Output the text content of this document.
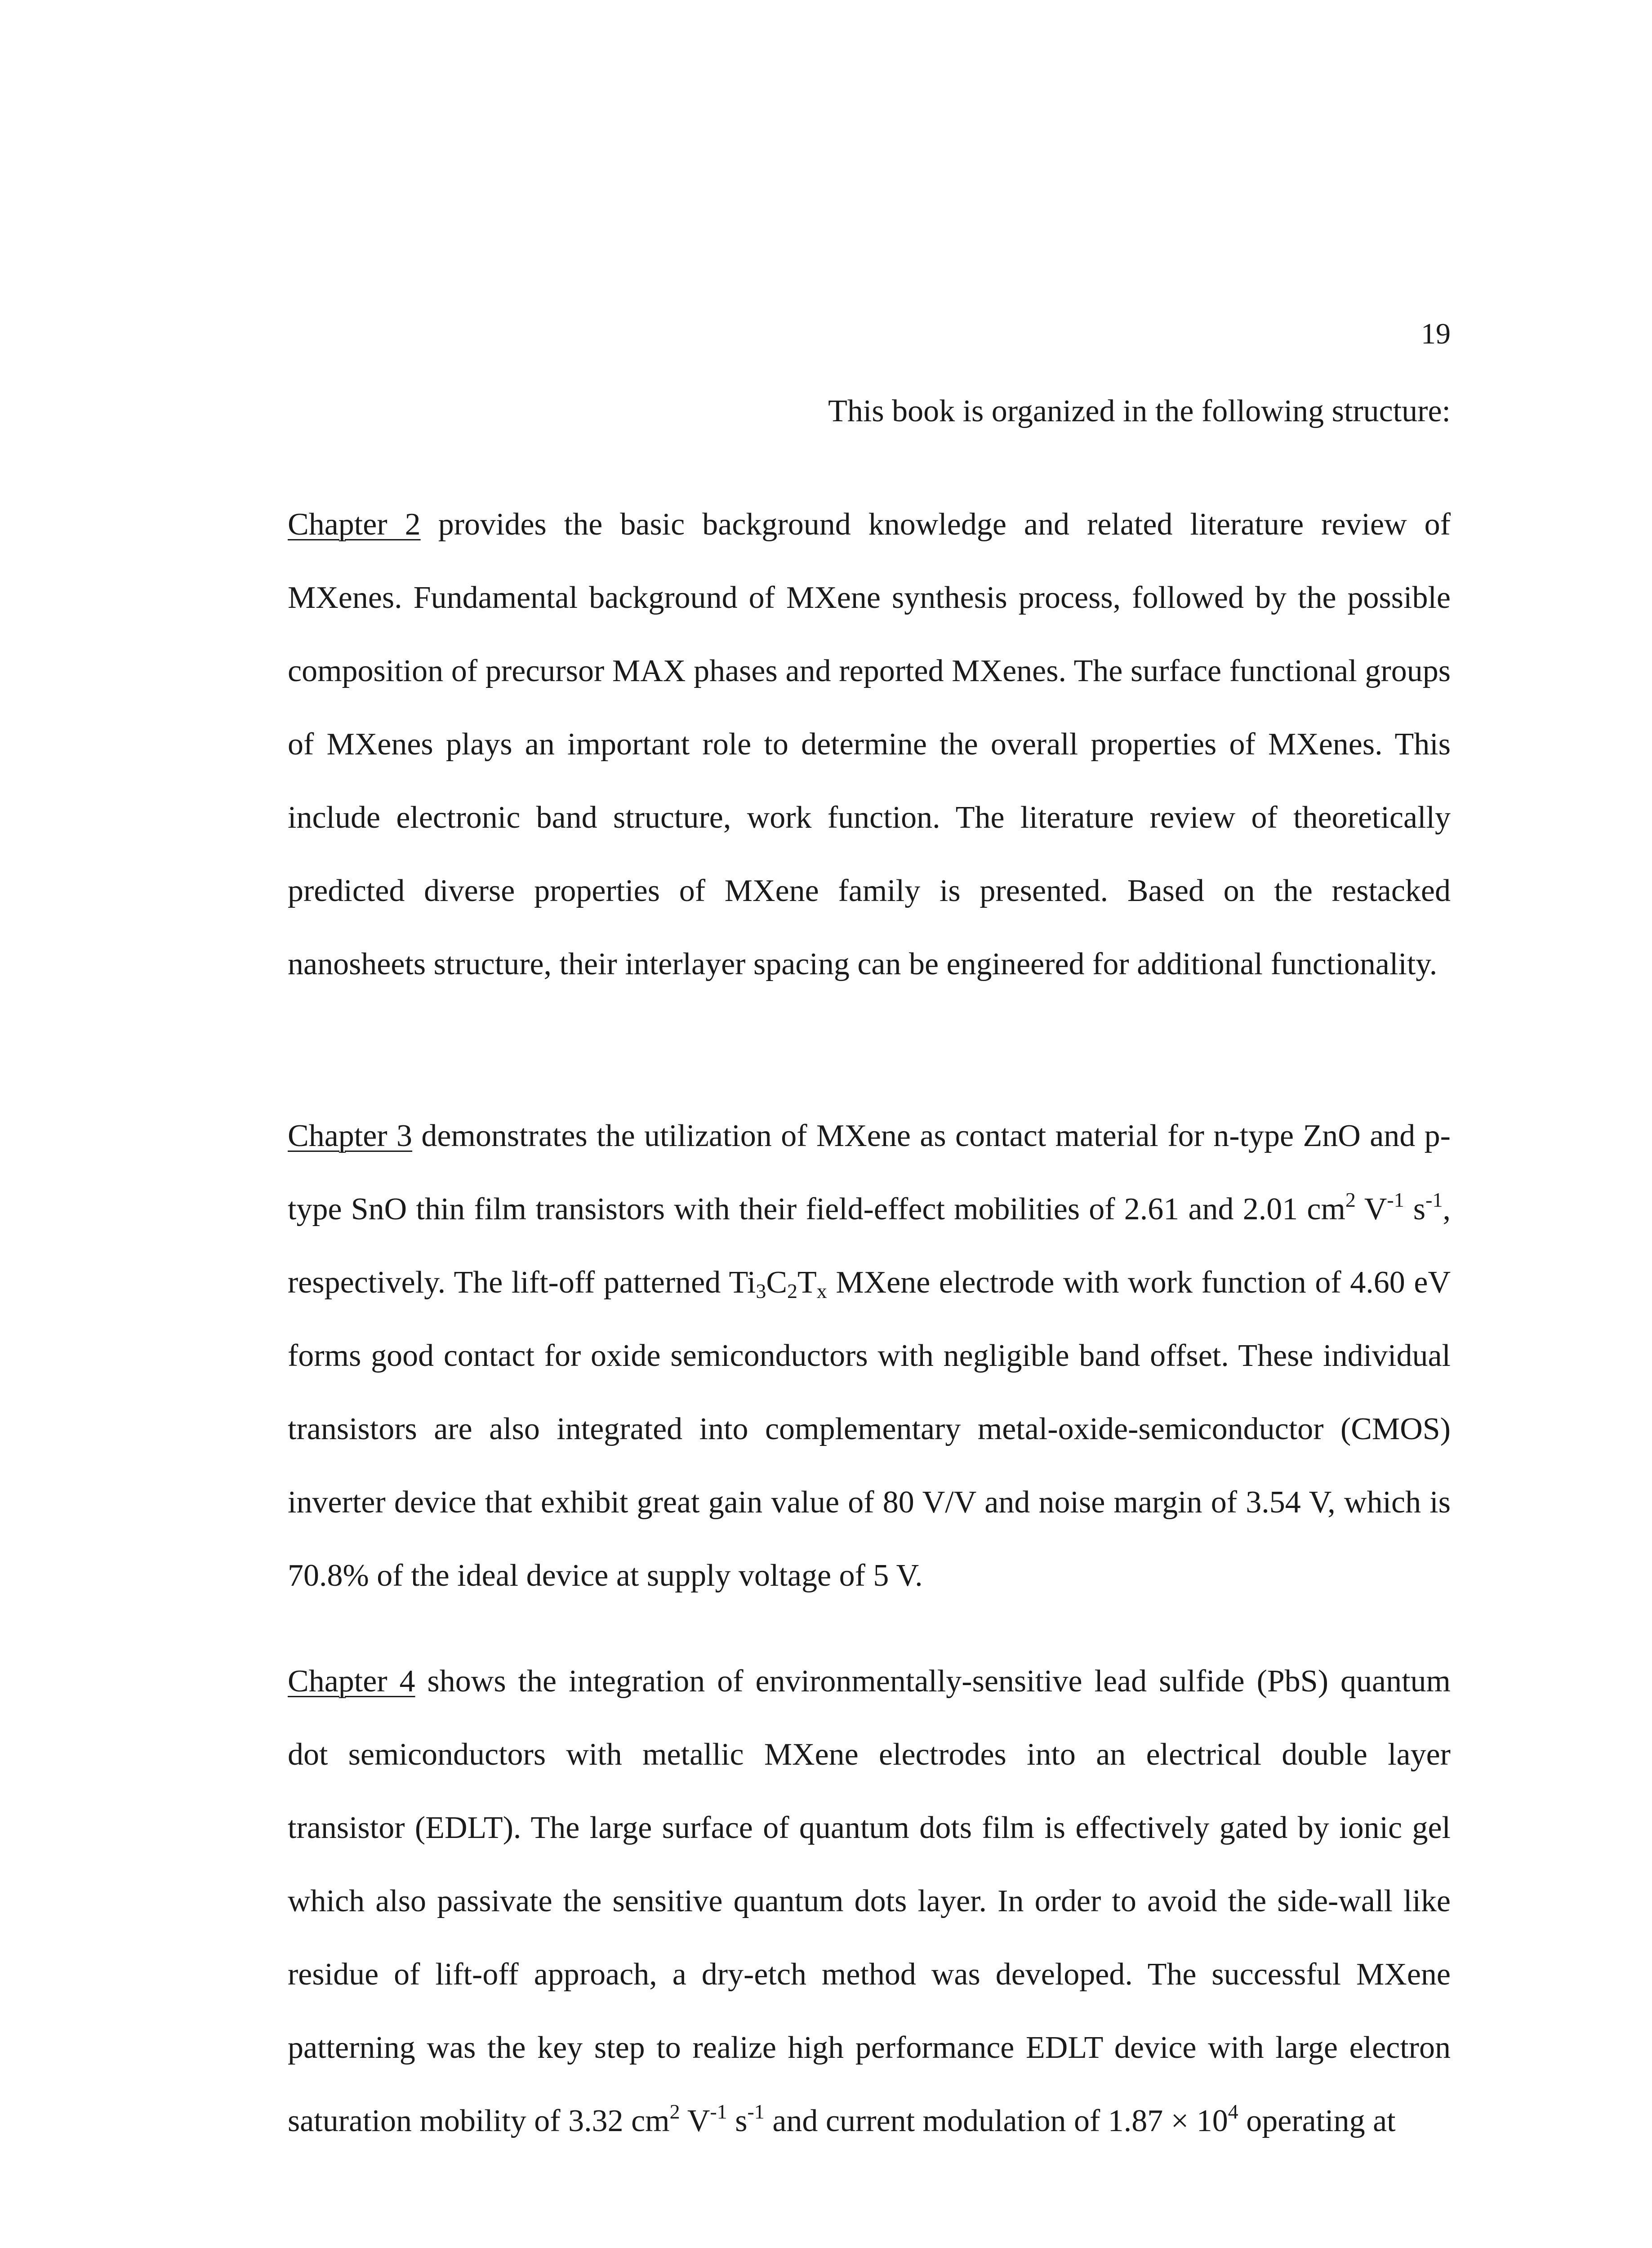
19
This book is organized in the following structure:

Chapter 2 provides the basic background knowledge and related literature review of MXenes. Fundamental background of MXene synthesis process, followed by the possible composition of precursor MAX phases and reported MXenes. The surface functional groups of MXenes plays an important role to determine the overall properties of MXenes. This include electronic band structure, work function. The literature review of theoretically predicted diverse properties of MXene family is presented. Based on the restacked nanosheets structure, their interlayer spacing can be engineered for additional functionality.

Chapter 3 demonstrates the utilization of MXene as contact material for n-type ZnO and p-type SnO thin film transistors with their field-effect mobilities of 2.61 and 2.01 $cm^2$ $V^{-1}$ $s^{-1}$, respectively. The lift-off patterned $Ti_3C_2T_x$ MXene electrode with work function of 4.60 eV forms good contact for oxide semiconductors with negligible band offset. These individual transistors are also integrated into complementary metal-oxide-semiconductor (CMOS) inverter device that exhibit great gain value of 80 V/V and noise margin of 3.54 V, which is 70.8% of the ideal device at supply voltage of 5 V.

Chapter 4 shows the integration of environmentally-sensitive lead sulfide (PbS) quantum dot semiconductors with metallic MXene electrodes into an electrical double layer transistor (EDLT). The large surface of quantum dots film is effectively gated by ionic gel which also passivate the sensitive quantum dots layer. In order to avoid the side-wall like residue of lift-off approach, a dry-etch method was developed. The successful MXene patterning was the key step to realize high performance EDLT device with large electron saturation mobility of 3.32 $cm^2$ $V^{-1}$ $s^{-1}$ and current modulation of $1.87 \times 10^4$ operating at
